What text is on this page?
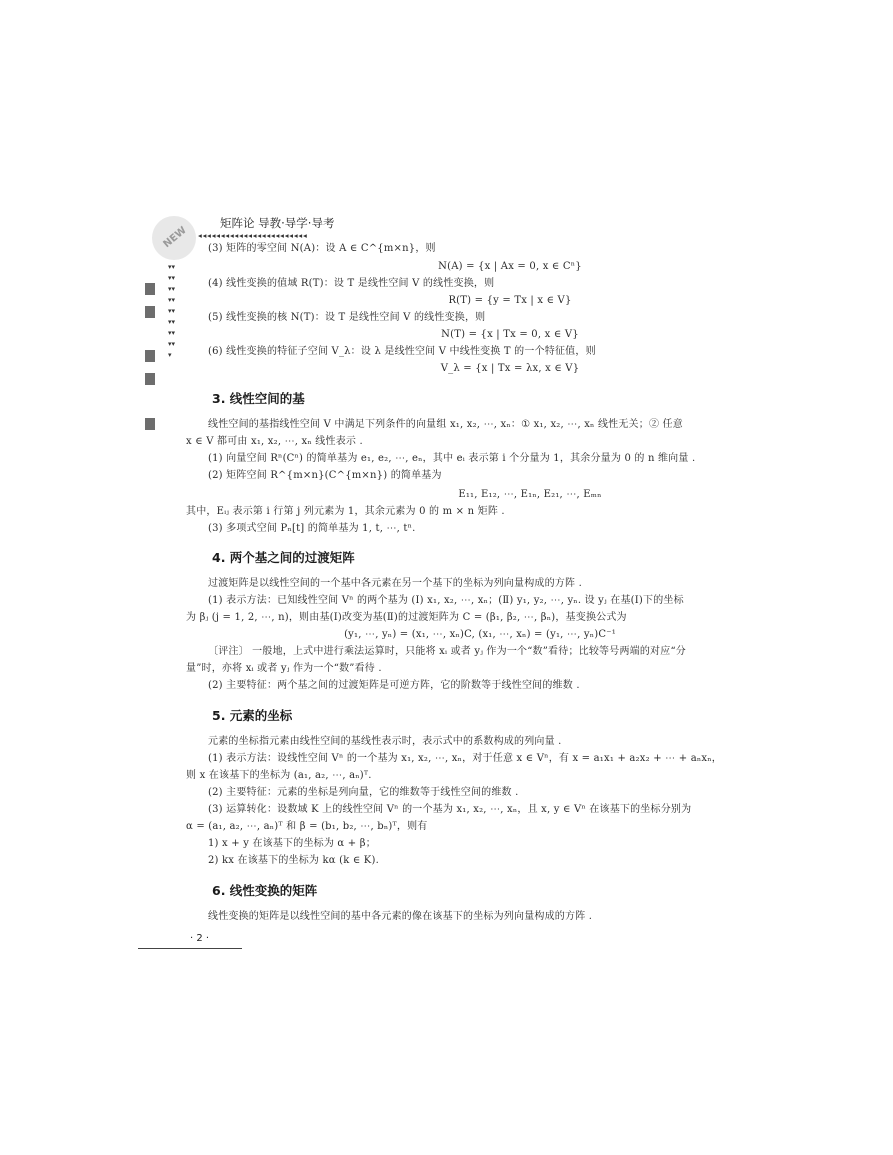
NEW
矩阵论 导教·导学·导考
◂◂◂◂◂◂◂◂◂◂◂◂◂◂◂◂◂◂◂◂◂◂◂◂
▾▾▾▾▾▾▾▾▾▾▾▾▾▾▾▾▾
(3) 矩阵的零空间 N(A)：设 A ∈ C^{m×n}，则
N(A) = {x | Ax = 0, x ∈ Cⁿ}
(4) 线性变换的值域 R(T)：设 T 是线性空间 V 的线性变换，则
R(T) = {y = Tx | x ∈ V}
(5) 线性变换的核 N(T)：设 T 是线性空间 V 的线性变换，则
N(T) = {x | Tx = 0, x ∈ V}
(6) 线性变换的特征子空间 V_λ：设 λ 是线性空间 V 中线性变换 T 的一个特征值，则
V_λ = {x | Tx = λx, x ∈ V}
3. 线性空间的基
线性空间的基指线性空间 V 中满足下列条件的向量组 x₁, x₂, ⋯, xₙ：① x₁, x₂, ⋯, xₙ 线性无关；② 任意
x ∈ V 都可由 x₁, x₂, ⋯, xₙ 线性表示 .
(1) 向量空间 Rⁿ(Cⁿ) 的简单基为 e₁, e₂, ⋯, eₙ，其中 eᵢ 表示第 i 个分量为 1，其余分量为 0 的 n 维向量 .
(2) 矩阵空间 R^{m×n}(C^{m×n}) 的简单基为
E₁₁, E₁₂, ⋯, E₁ₙ, E₂₁, ⋯, Eₘₙ
其中，Eᵢⱼ 表示第 i 行第 j 列元素为 1，其余元素为 0 的 m × n 矩阵 .
(3) 多项式空间 Pₙ[t] 的简单基为 1, t, ⋯, tⁿ.
4. 两个基之间的过渡矩阵
过渡矩阵是以线性空间的一个基中各元素在另一个基下的坐标为列向量构成的方阵 .
(1) 表示方法：已知线性空间 Vⁿ 的两个基为 (Ⅰ) x₁, x₂, ⋯, xₙ；(Ⅱ) y₁, y₂, ⋯, yₙ. 设 yⱼ 在基(Ⅰ)下的坐标
为 βⱼ (j = 1, 2, ⋯, n)，则由基(Ⅰ)改变为基(Ⅱ)的过渡矩阵为 C = (β₁, β₂, ⋯, βₙ)，基变换公式为
(y₁, ⋯, yₙ) = (x₁, ⋯, xₙ)C, (x₁, ⋯, xₙ) = (y₁, ⋯, yₙ)C⁻¹
〔评注〕 一般地，上式中进行乘法运算时，只能将 xᵢ 或者 yⱼ 作为一个“数”看待；比较等号两端的对应“分
量”时，亦将 xᵢ 或者 yⱼ 作为一个“数”看待 .
(2) 主要特征：两个基之间的过渡矩阵是可逆方阵，它的阶数等于线性空间的维数 .
5. 元素的坐标
元素的坐标指元素由线性空间的基线性表示时，表示式中的系数构成的列向量 .
(1) 表示方法：设线性空间 Vⁿ 的一个基为 x₁, x₂, ⋯, xₙ，对于任意 x ∈ Vⁿ，有 x = a₁x₁ + a₂x₂ + ⋯ + aₙxₙ，
则 x 在该基下的坐标为 (a₁, a₂, ⋯, aₙ)ᵀ.
(2) 主要特征：元素的坐标是列向量，它的维数等于线性空间的维数 .
(3) 运算转化：设数域 K 上的线性空间 Vⁿ 的一个基为 x₁, x₂, ⋯, xₙ，且 x, y ∈ Vⁿ 在该基下的坐标分别为
α = (a₁, a₂, ⋯, aₙ)ᵀ 和 β = (b₁, b₂, ⋯, bₙ)ᵀ，则有
1) x + y 在该基下的坐标为 α + β；
2) kx 在该基下的坐标为 kα (k ∈ K).
6. 线性变换的矩阵
线性变换的矩阵是以线性空间的基中各元素的像在该基下的坐标为列向量构成的方阵 .
· 2 ·
